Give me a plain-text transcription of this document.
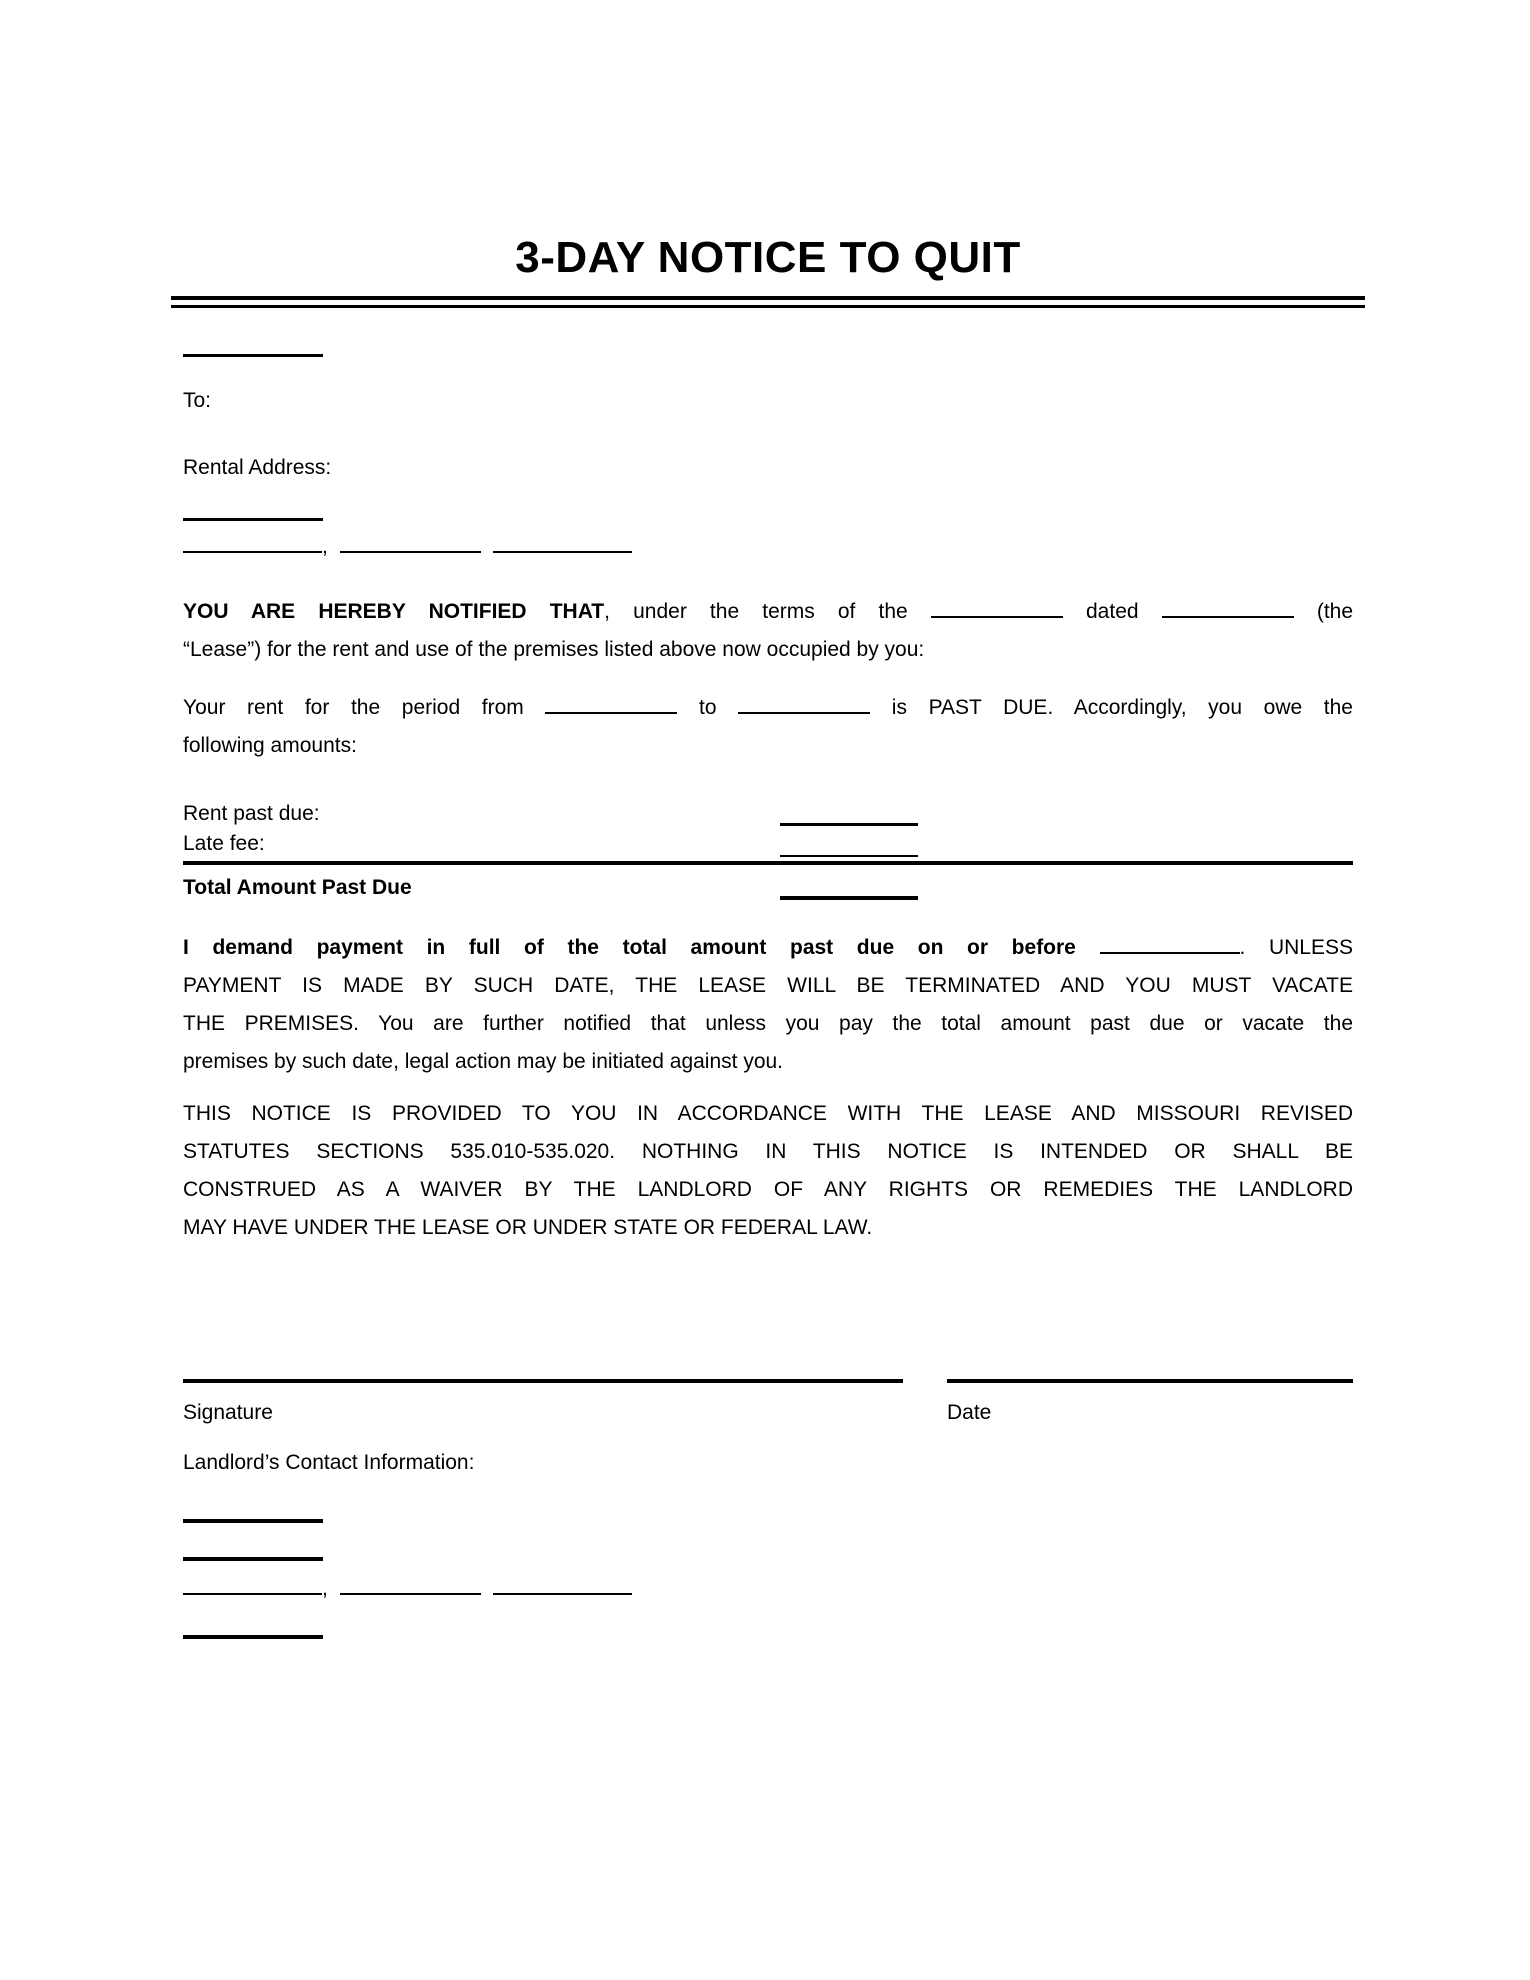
3-DAY NOTICE TO QUIT
To:
Rental Address:
,
YOU ARE HEREBY NOTIFIED THAT, under the terms of the	dated	(the
“Lease”) for the rent and use of the premises listed above now occupied by you:
Your rent for the period from	to	is PAST DUE. Accordingly, you owe the
following amounts:
Rent past due:
Late fee:
Total Amount Past Due
I demand payment in full of the total amount past due on or before	. UNLESS
PAYMENT IS MADE BY SUCH DATE, THE LEASE WILL BE TERMINATED AND YOU MUST VACATE
THE PREMISES. You are further notified that unless you pay the total amount past due or vacate the
premises by such date, legal action may be initiated against you.
THIS NOTICE IS PROVIDED TO YOU IN ACCORDANCE WITH THE LEASE AND MISSOURI REVISED
STATUTES SECTIONS 535.010-535.020. NOTHING IN THIS NOTICE IS INTENDED OR SHALL BE
CONSTRUED AS A WAIVER BY THE LANDLORD OF ANY RIGHTS OR REMEDIES THE LANDLORD
MAY HAVE UNDER THE LEASE OR UNDER STATE OR FEDERAL LAW.
Signature	Date
Landlord’s Contact Information:
,
